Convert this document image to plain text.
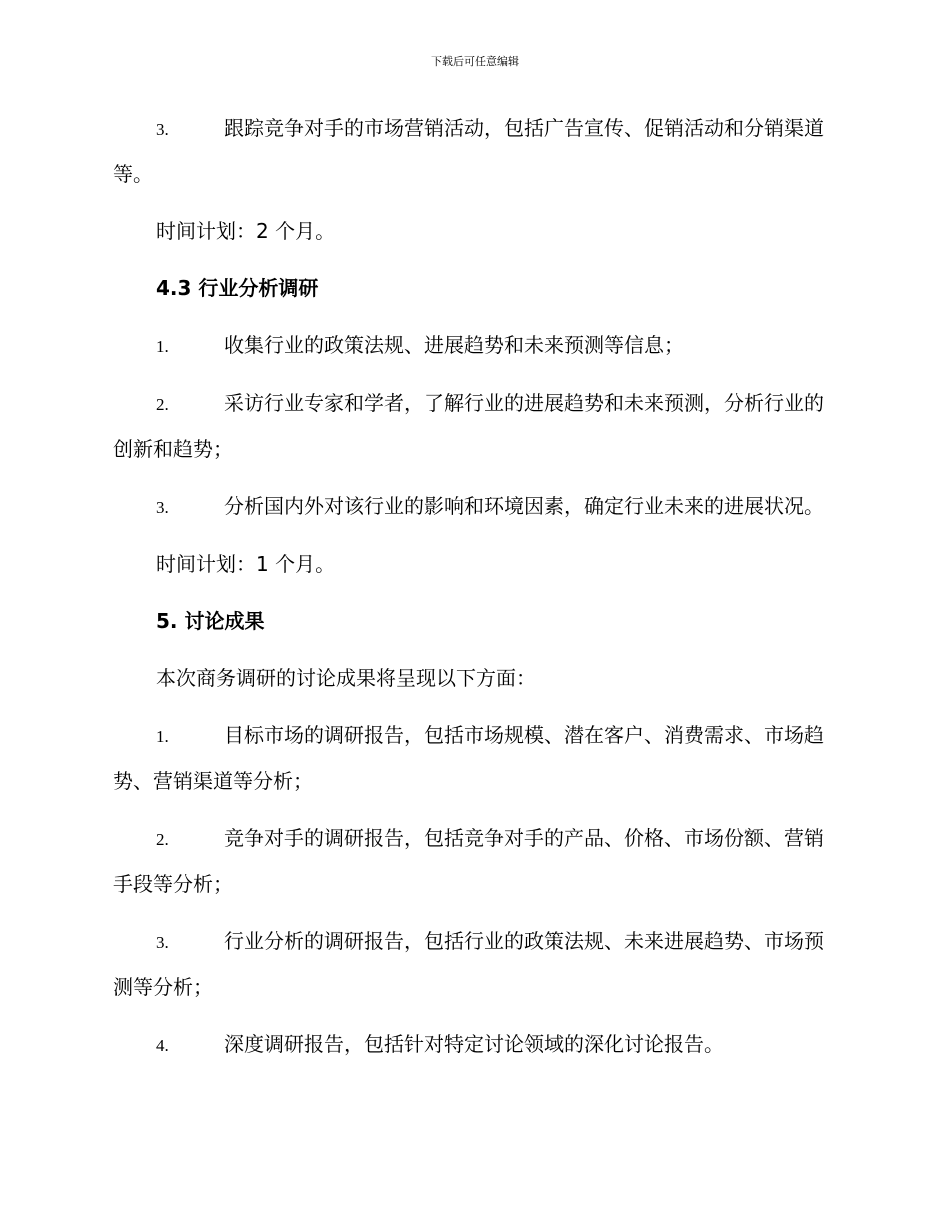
下载后可任意编辑

3.	跟踪竞争对手的市场营销活动，包括广告宣传、促销活动和分销渠道等。

时间计划：2 个月。

4.3 行业分析调研

1.	收集行业的政策法规、进展趋势和未来预测等信息；

2.	采访行业专家和学者，了解行业的进展趋势和未来预测，分析行业的创新和趋势；

3.	分析国内外对该行业的影响和环境因素，确定行业未来的进展状况。

时间计划：1 个月。

5. 讨论成果

本次商务调研的讨论成果将呈现以下方面：

1.	目标市场的调研报告，包括市场规模、潜在客户、消费需求、市场趋势、营销渠道等分析；

2.	竞争对手的调研报告，包括竞争对手的产品、价格、市场份额、营销手段等分析；

3.	行业分析的调研报告，包括行业的政策法规、未来进展趋势、市场预测等分析；

4.	深度调研报告，包括针对特定讨论领域的深化讨论报告。
